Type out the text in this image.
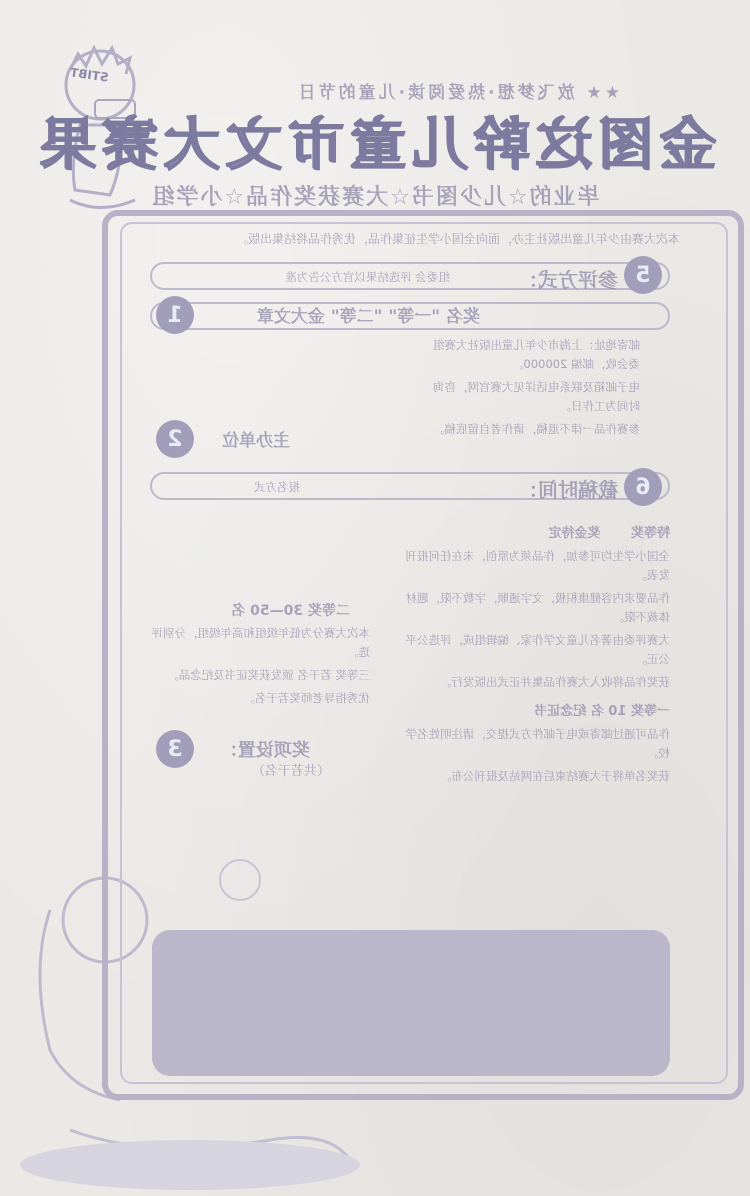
STIBT
★★ 放飞梦想·热爱阅读·儿童的节日
金图这幹儿童市文大赛果
毕业的☆儿少图书☆大赛获奖作品☆小学组
本次大赛由少年儿童出版社主办，面向全国小学生征集作品，优秀作品将结集出版。
5
参评方式：
组委会 评选结果以官方公告为准
1	奖名 "一等" "二等" 金大文章

邮寄地址：上海市少年儿童出版社大赛组委会收，邮编 200000。

电子邮箱及联系电话详见大赛官网，咨询时间为工作日。

参赛作品一律不退稿，请作者自留底稿。

2	主办单位
6
截稿时间：
报名方式

特等奖 　　奖金待定

全国小学生均可参加，作品须为原创，未在任何报刊发表。

作品要求内容健康积极，文字通顺，字数不限，题材体裁不限。

大赛评委由著名儿童文学作家、编辑组成，评选公平公正。

获奖作品将收入大赛作品集并正式出版发行。

一等奖 10 名 纪念证书

作品可通过邮寄或电子邮件方式提交，请注明姓名学校。

获奖名单将于大赛结束后在网站及报刊公布。

二等奖 30—50 名

本次大赛分为低年级组和高年级组，分别评选。

三等奖 若干名 颁发获奖证书及纪念品。

优秀指导老师奖若干名。

3	奖项设置：
（共若干名）
